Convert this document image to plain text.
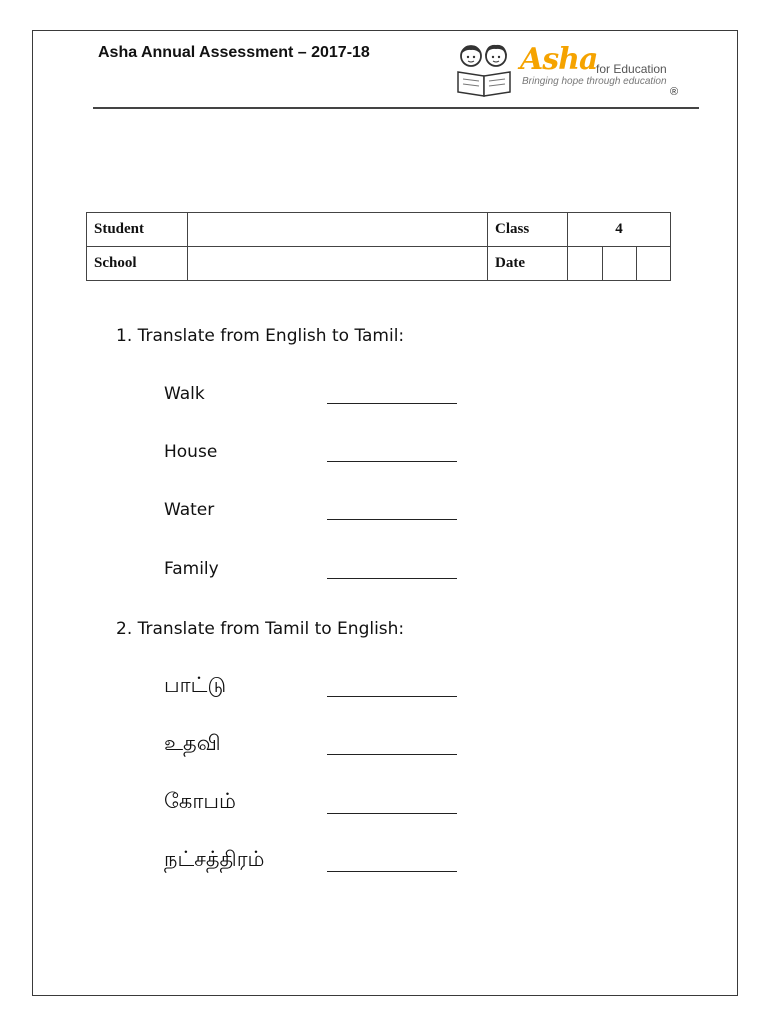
Asha Annual Assessment – 2017-18	Asha
for Education
Bringing hope through education
®
Student		Class	4		
School		Date			
1. Translate from English to Tamil:
Walk
House
Water
Family
2. Translate from Tamil to English:
பாட்டு
உதவி
கோபம்
நட்சத்திரம்
